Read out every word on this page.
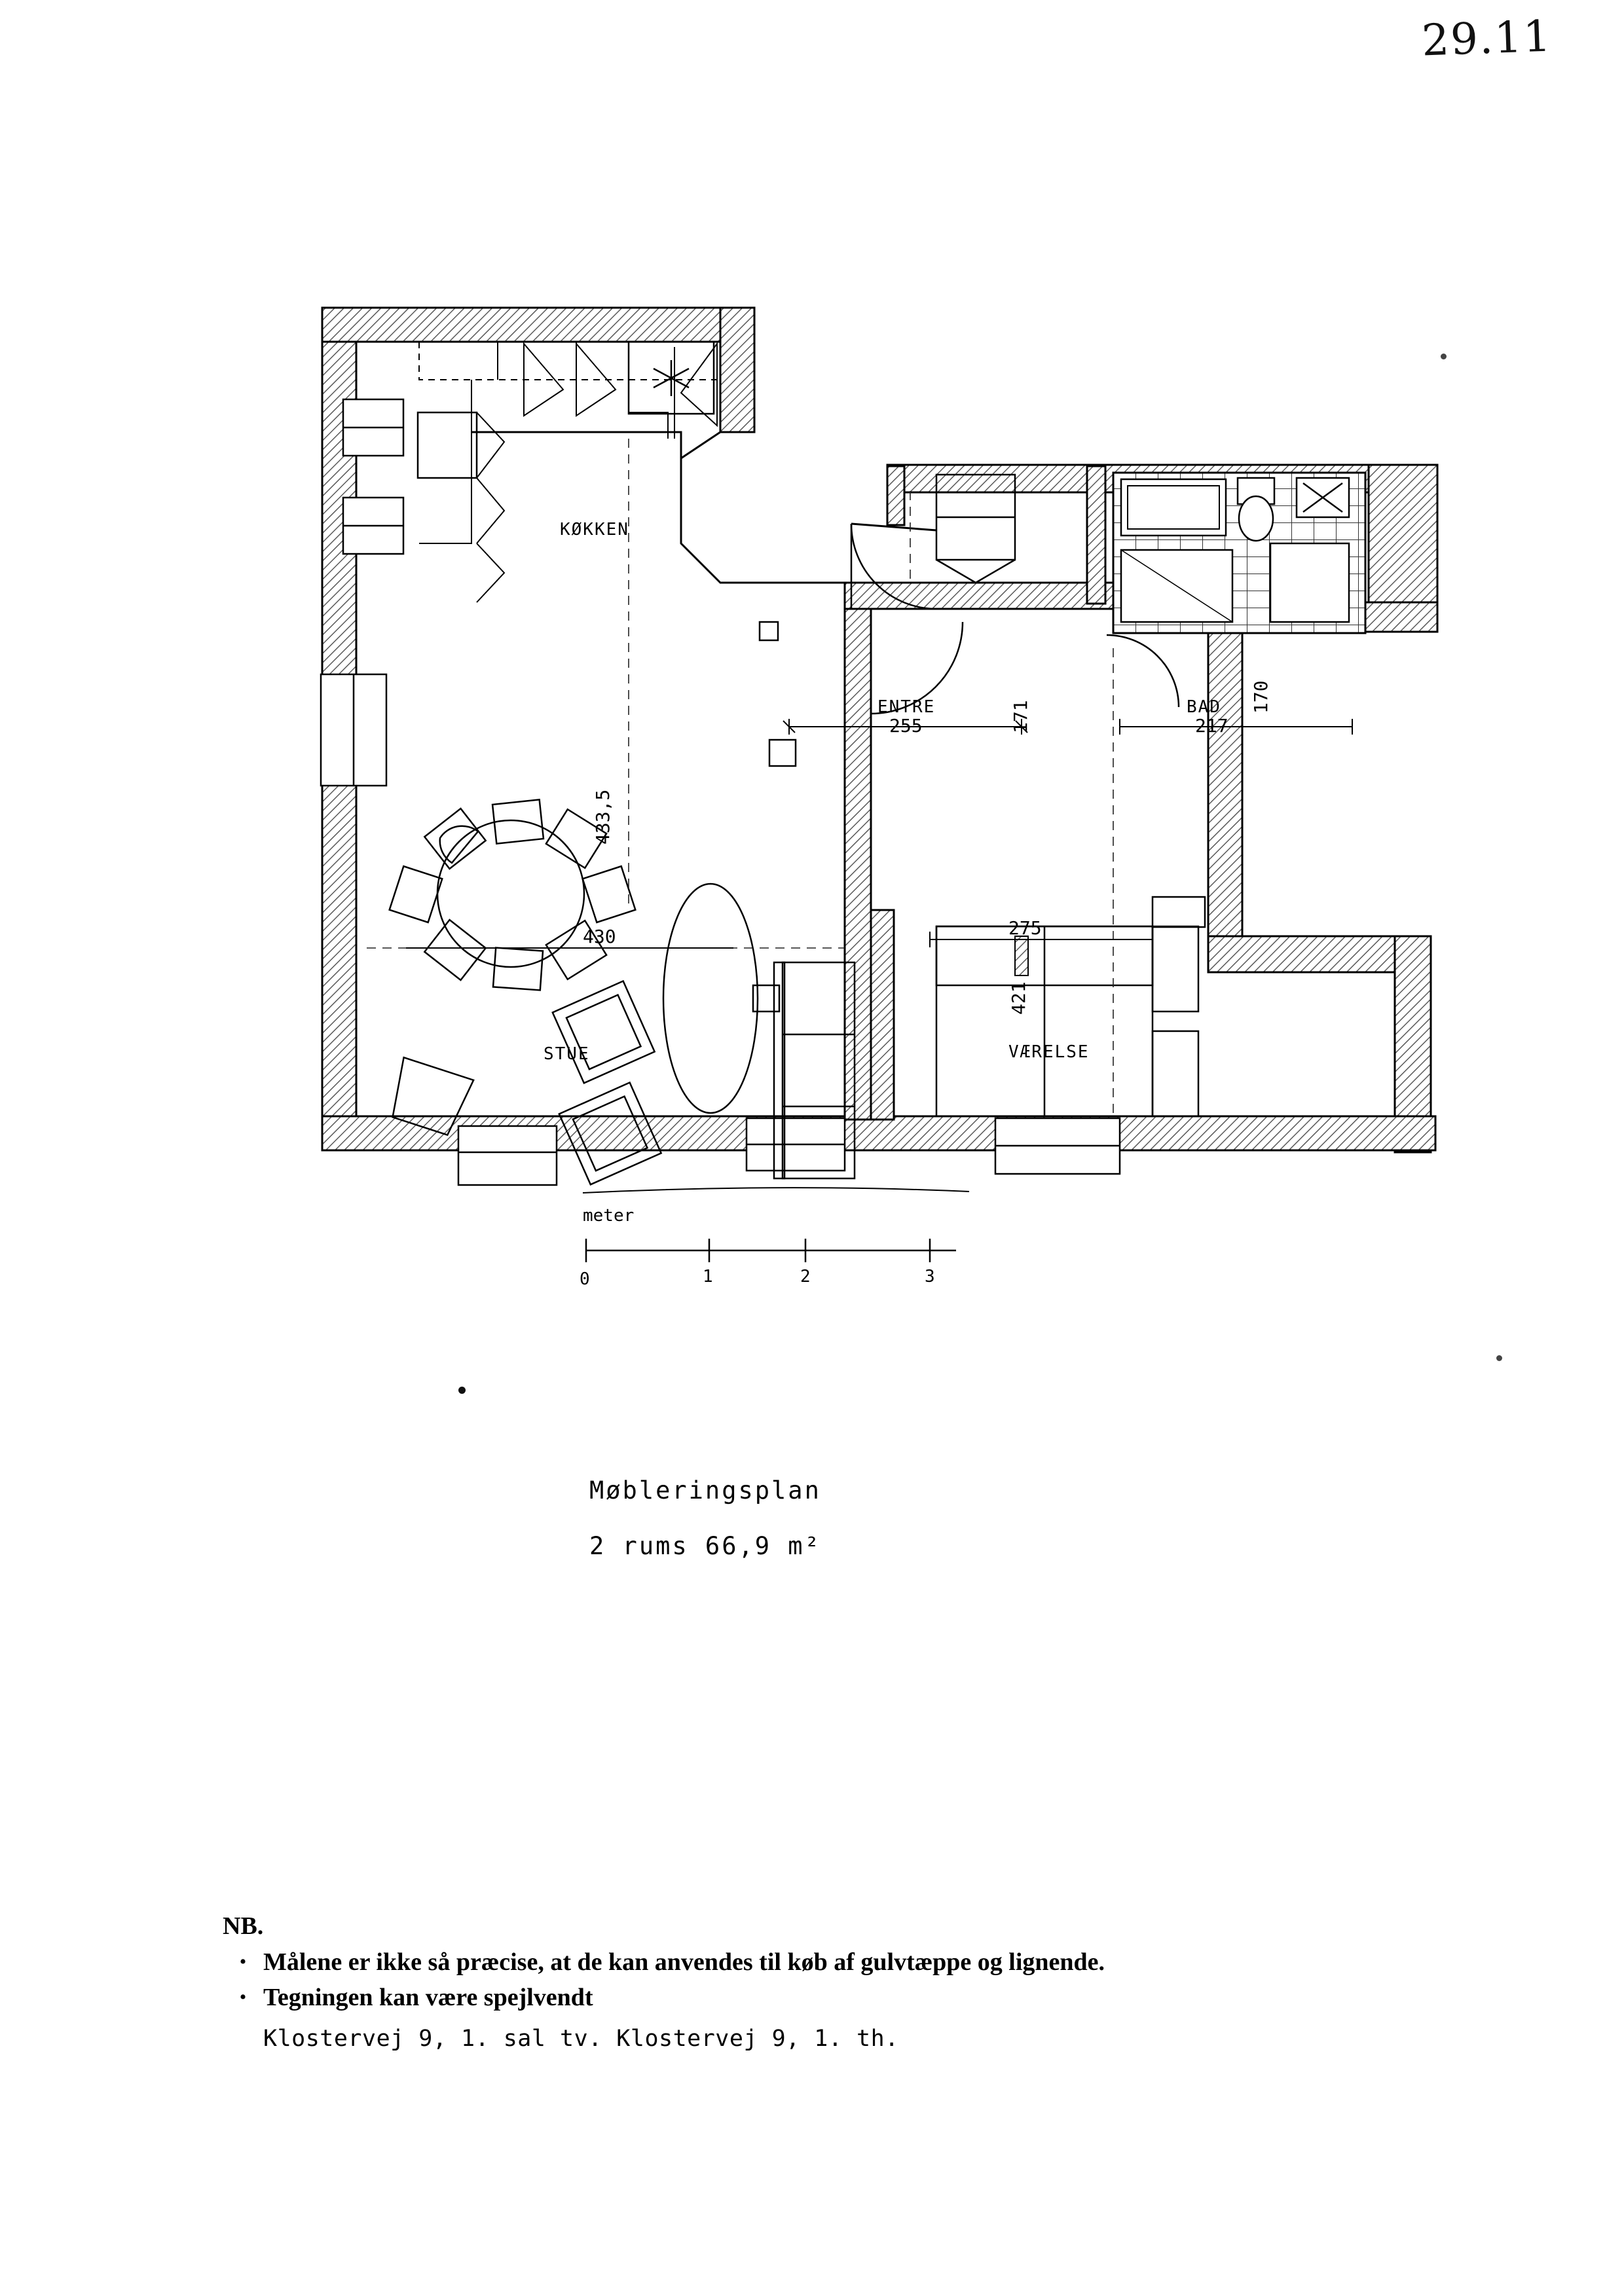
29.11
KØKKEN
ENTRE	BAD
STUE	VÆRELSE
433,5
255	171	217
170
430	275
421
meter
0	1	2	3
Møbleringsplan
2 rums 66,9 m²
NB.
• Målene er ikke så præcise, at de kan anvendes til køb af gulvtæppe og lignende.
• Tegningen kan være spejlvendt
Klostervej 9, 1. sal tv. Klostervej 9, 1. th.
